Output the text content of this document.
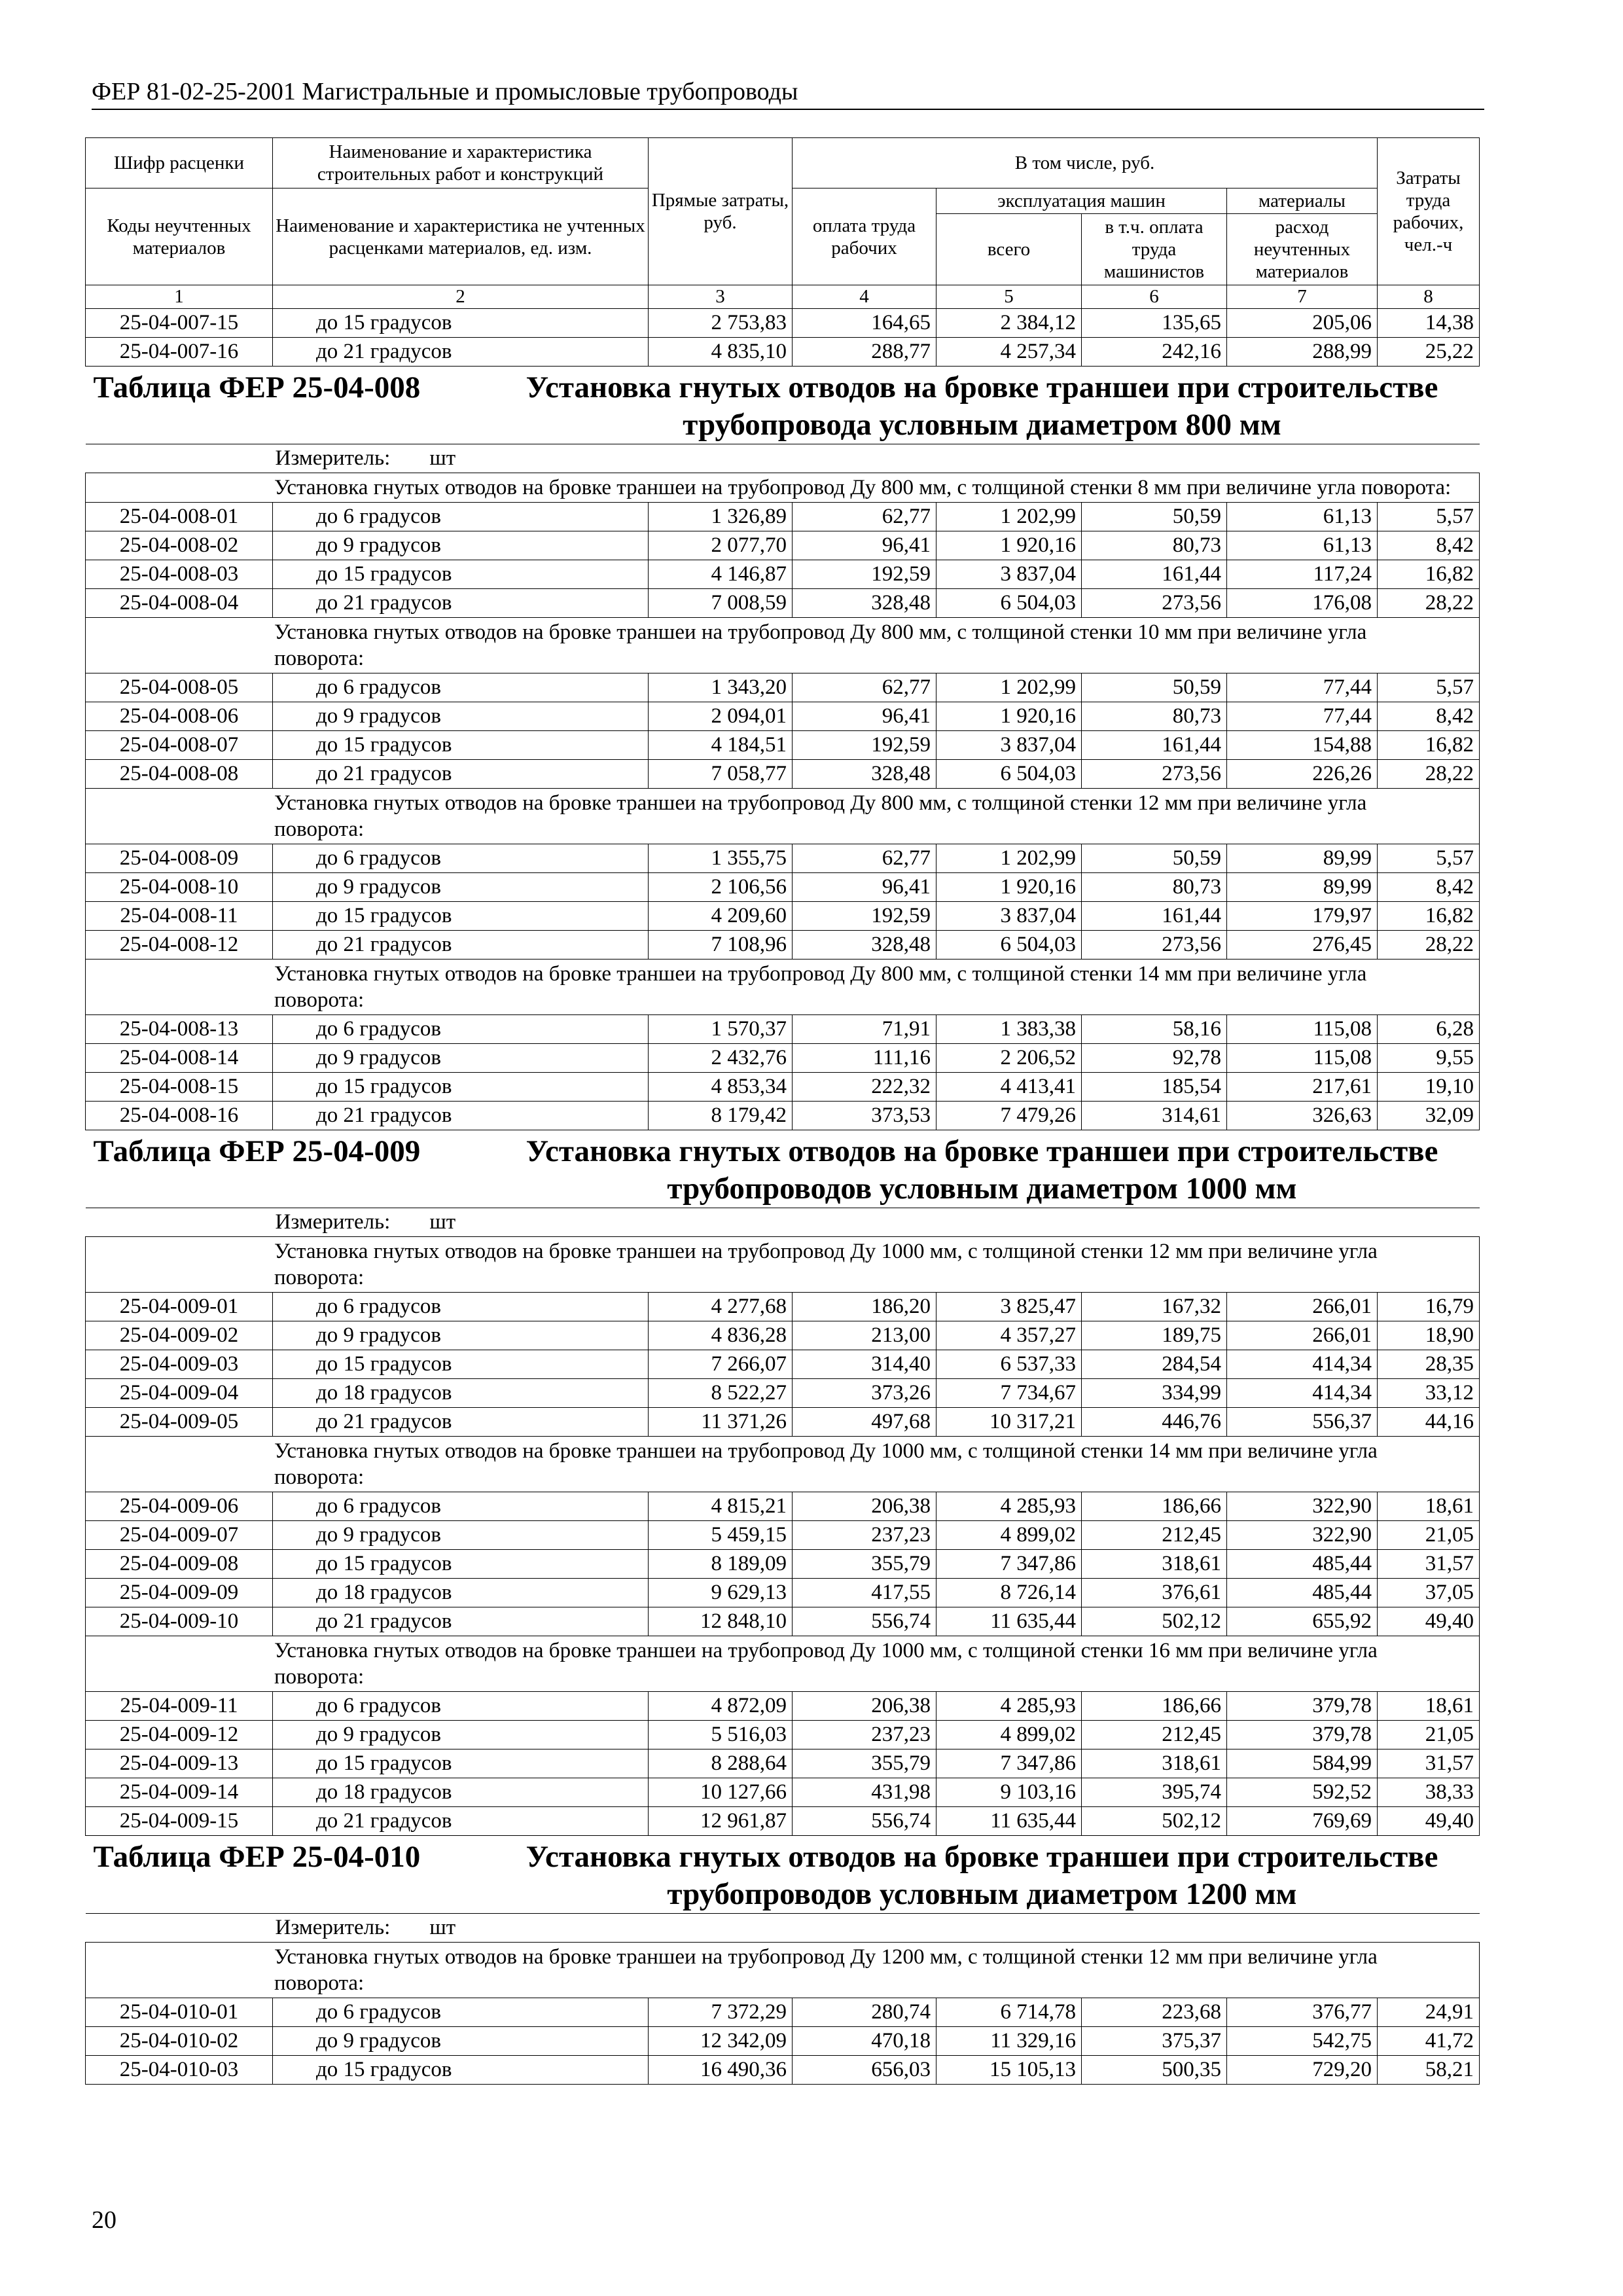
ФЕР 81-02-25-2001 Магистральные и промысловые трубопроводы
Шифр расценки	Наименование и характеристика строительных работ и конструкций	Прямые затраты, руб.	В том числе, руб.				Затраты труда рабочих, чел.-ч
Коды неучтенных материалов	Наименование и характеристика не учтенных расценками материалов, ед. изм.		оплата труда рабочих	эксплуатация машин		материалы	
				всего	в т.ч. оплата труда машинистов	расход неучтенных материалов	
1	2	3	4	5	6	7	8
25-04-007-15	до 15 градусов	2 753,83	164,65	2 384,12	135,65	205,06	14,38
25-04-007-16	до 21 градусов	4 835,10	288,77	4 257,34	242,16	288,99	25,22

Таблица ФЕР 25-04-008 Установка гнутых отводов на бровке траншеи при строительстве трубопровода условным диаметром 800 мм							

Измеритель: шт							
Установка гнутых отводов на бровке траншеи на трубопровод Ду 800 мм, с толщиной стенки 8 мм при величине угла поворота:							
25-04-008-01	до 6 градусов	1 326,89	62,77	1 202,99	50,59	61,13	5,57
25-04-008-02	до 9 градусов	2 077,70	96,41	1 920,16	80,73	61,13	8,42
25-04-008-03	до 15 градусов	4 146,87	192,59	3 837,04	161,44	117,24	16,82
25-04-008-04	до 21 градусов	7 008,59	328,48	6 504,03	273,56	176,08	28,22
Установка гнутых отводов на бровке траншеи на трубопровод Ду 800 мм, с толщиной стенки 10 мм при величине угла поворота:							
25-04-008-05	до 6 градусов	1 343,20	62,77	1 202,99	50,59	77,44	5,57
25-04-008-06	до 9 градусов	2 094,01	96,41	1 920,16	80,73	77,44	8,42
25-04-008-07	до 15 градусов	4 184,51	192,59	3 837,04	161,44	154,88	16,82
25-04-008-08	до 21 градусов	7 058,77	328,48	6 504,03	273,56	226,26	28,22
Установка гнутых отводов на бровке траншеи на трубопровод Ду 800 мм, с толщиной стенки 12 мм при величине угла поворота:							
25-04-008-09	до 6 градусов	1 355,75	62,77	1 202,99	50,59	89,99	5,57
25-04-008-10	до 9 градусов	2 106,56	96,41	1 920,16	80,73	89,99	8,42
25-04-008-11	до 15 градусов	4 209,60	192,59	3 837,04	161,44	179,97	16,82
25-04-008-12	до 21 градусов	7 108,96	328,48	6 504,03	273,56	276,45	28,22
Установка гнутых отводов на бровке траншеи на трубопровод Ду 800 мм, с толщиной стенки 14 мм при величине угла поворота:							
25-04-008-13	до 6 градусов	1 570,37	71,91	1 383,38	58,16	115,08	6,28
25-04-008-14	до 9 градусов	2 432,76	111,16	2 206,52	92,78	115,08	9,55
25-04-008-15	до 15 градусов	4 853,34	222,32	4 413,41	185,54	217,61	19,10
25-04-008-16	до 21 градусов	8 179,42	373,53	7 479,26	314,61	326,63	32,09

Таблица ФЕР 25-04-009 Установка гнутых отводов на бровке траншеи при строительстве трубопроводов условным диаметром 1000 мм							

Измеритель: шт							
Установка гнутых отводов на бровке траншеи на трубопровод Ду 1000 мм, с толщиной стенки 12 мм при величине угла поворота:							
25-04-009-01	до 6 градусов	4 277,68	186,20	3 825,47	167,32	266,01	16,79
25-04-009-02	до 9 градусов	4 836,28	213,00	4 357,27	189,75	266,01	18,90
25-04-009-03	до 15 градусов	7 266,07	314,40	6 537,33	284,54	414,34	28,35
25-04-009-04	до 18 градусов	8 522,27	373,26	7 734,67	334,99	414,34	33,12
25-04-009-05	до 21 градусов	11 371,26	497,68	10 317,21	446,76	556,37	44,16
Установка гнутых отводов на бровке траншеи на трубопровод Ду 1000 мм, с толщиной стенки 14 мм при величине угла поворота:							
25-04-009-06	до 6 градусов	4 815,21	206,38	4 285,93	186,66	322,90	18,61
25-04-009-07	до 9 градусов	5 459,15	237,23	4 899,02	212,45	322,90	21,05
25-04-009-08	до 15 градусов	8 189,09	355,79	7 347,86	318,61	485,44	31,57
25-04-009-09	до 18 градусов	9 629,13	417,55	8 726,14	376,61	485,44	37,05
25-04-009-10	до 21 градусов	12 848,10	556,74	11 635,44	502,12	655,92	49,40
Установка гнутых отводов на бровке траншеи на трубопровод Ду 1000 мм, с толщиной стенки 16 мм при величине угла поворота:							
25-04-009-11	до 6 градусов	4 872,09	206,38	4 285,93	186,66	379,78	18,61
25-04-009-12	до 9 градусов	5 516,03	237,23	4 899,02	212,45	379,78	21,05
25-04-009-13	до 15 градусов	8 288,64	355,79	7 347,86	318,61	584,99	31,57
25-04-009-14	до 18 градусов	10 127,66	431,98	9 103,16	395,74	592,52	38,33
25-04-009-15	до 21 градусов	12 961,87	556,74	11 635,44	502,12	769,69	49,40

Таблица ФЕР 25-04-010 Установка гнутых отводов на бровке траншеи при строительстве трубопроводов условным диаметром 1200 мм							

Измеритель: шт							
Установка гнутых отводов на бровке траншеи на трубопровод Ду 1200 мм, с толщиной стенки 12 мм при величине угла поворота:							
25-04-010-01	до 6 градусов	7 372,29	280,74	6 714,78	223,68	376,77	24,91
25-04-010-02	до 9 градусов	12 342,09	470,18	11 329,16	375,37	542,75	41,72
25-04-010-03	до 15 градусов	16 490,36	656,03	15 105,13	500,35	729,20	58,21
20
